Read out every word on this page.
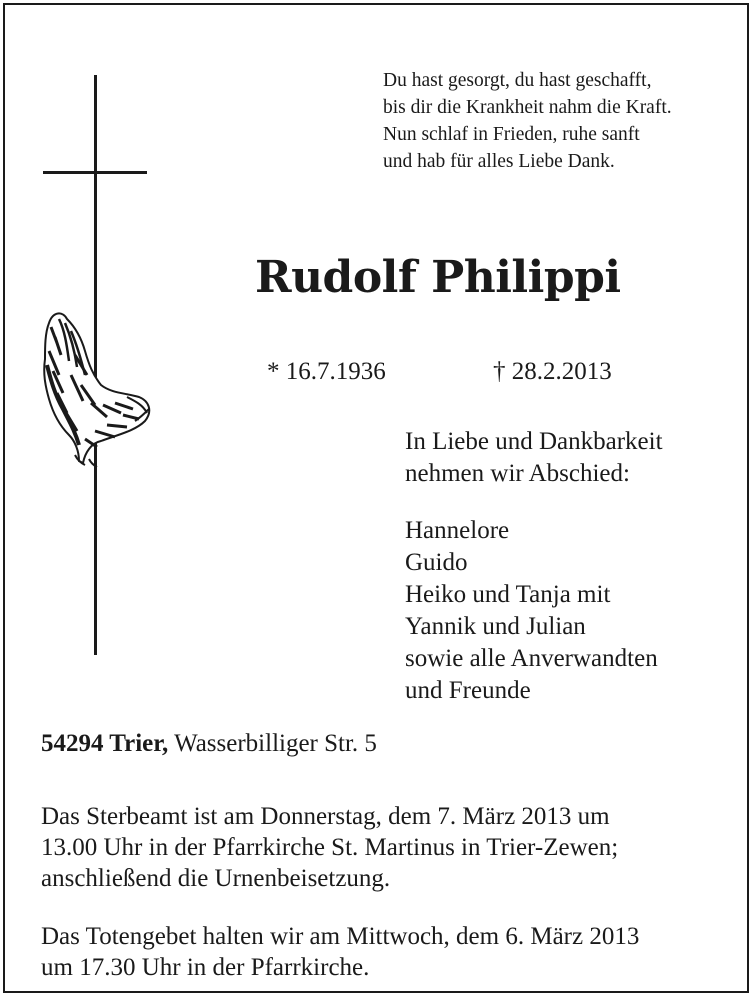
Du hast gesorgt, du hast geschafft,
bis dir die Krankheit nahm die Kraft.
Nun schlaf in Frieden, ruhe sanft
und hab für alles Liebe Dank.
Rudolf Philippi
* 16.7.1936	† 28.2.2013
In Liebe und Dankbarkeit
nehmen wir Abschied:
Hannelore
Guido
Heiko und Tanja mit
Yannik und Julian
sowie alle Anverwandten
und Freunde
54294 Trier, Wasserbilliger Str. 5
Das Sterbeamt ist am Donnerstag, dem 7. März 2013 um
13.00 Uhr in der Pfarrkirche St. Martinus in Trier-Zewen;
anschließend die Urnenbeisetzung.
Das Totengebet halten wir am Mittwoch, dem 6. März 2013
um 17.30 Uhr in der Pfarrkirche.
